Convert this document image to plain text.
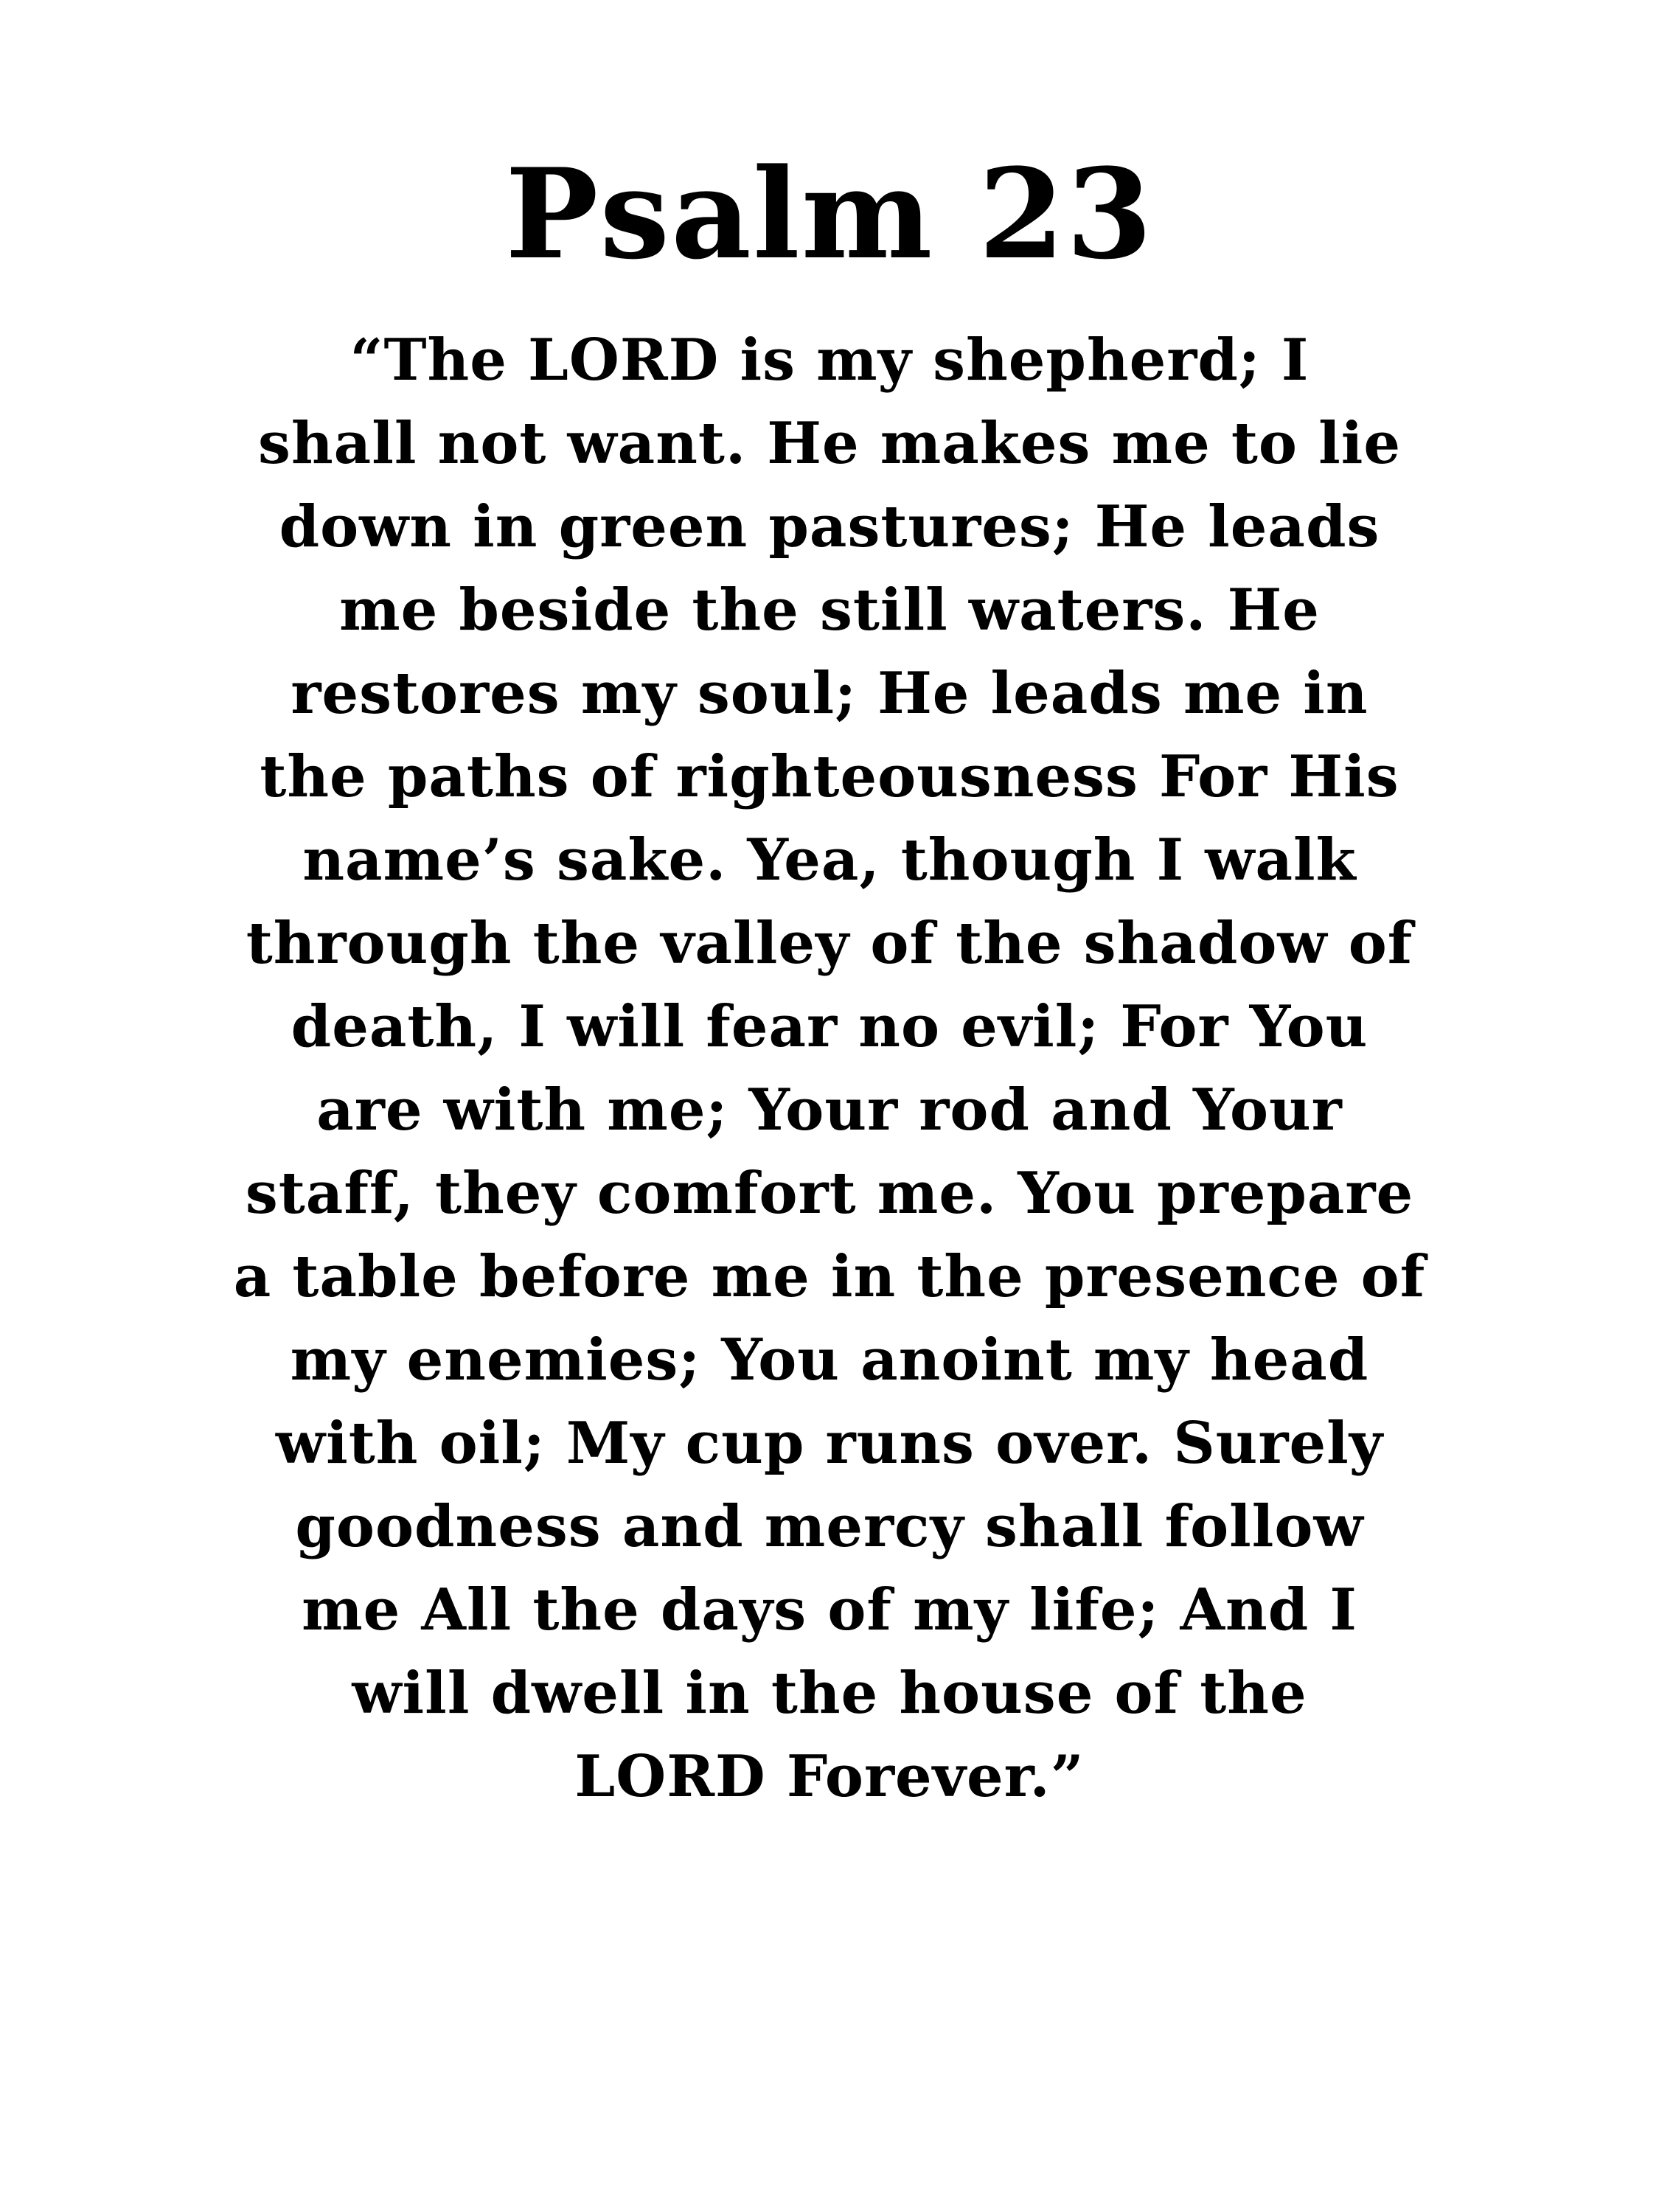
Psalm 23
“The LORD is my shepherd; I
shall not want. He makes me to lie
down in green pastures; He leads
me beside the still waters. He
restores my soul; He leads me in
the paths of righteousness For His
name’s sake. Yea, though I walk
through the valley of the shadow of
death, I will fear no evil; For You
are with me; Your rod and Your
staff, they comfort me. You prepare
a table before me in the presence of
my enemies; You anoint my head
with oil; My cup runs over. Surely
goodness and mercy shall follow
me All the days of my life; And I
will dwell in the house of the
LORD Forever.”
